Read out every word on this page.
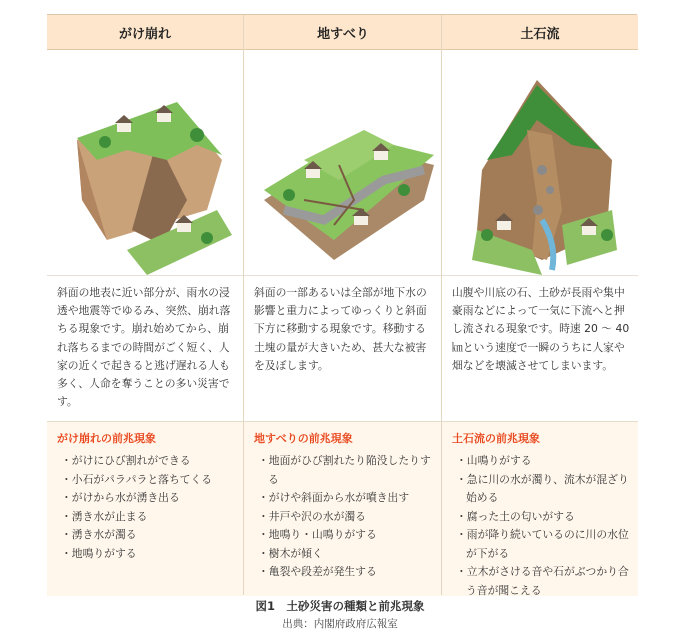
がけ崩れ
斜面の地表に近い部分が、雨水の浸透や地震等でゆるみ、突然、崩れ落ちる現象です。崩れ始めてから、崩れ落ちるまでの時間がごく短く、人家の近くで起きると逃げ遅れる人も多く、人命を奪うことの多い災害です。
がけ崩れの前兆現象
・ がけにひび割れができる
・ 小石がパラパラと落ちてくる
・ がけから水が湧き出る
・ 湧き水が止まる
・ 湧き水が濁る
・ 地鳴りがする
地すべり
斜面の一部あるいは全部が地下水の影響と重力によってゆっくりと斜面下方に移動する現象です。移動する土塊の量が大きいため、甚大な被害を及ぼします。
地すべりの前兆現象
・ 地面がひび割れたり陥没したりする
・ がけや斜面から水が噴き出す
・ 井戸や沢の水が濁る
・ 地鳴り・山鳴りがする
・ 樹木が傾く
・ 亀裂や段差が発生する
土石流
山腹や川底の石、土砂が長雨や集中豪雨などによって一気に下流へと押し流される現象です。時速 20 ～ 40㎞という速度で一瞬のうちに人家や畑などを壊滅させてしまいます。
土石流の前兆現象
・ 山鳴りがする
・ 急に川の水が濁り、流木が混ざり始める
・ 腐った土の匂いがする
・ 雨が降り続いているのに川の水位が下がる
・ 立木がさける音や石がぶつかり合う音が聞こえる
図1　土砂災害の種類と前兆現象
出典：内閣府政府広報室
